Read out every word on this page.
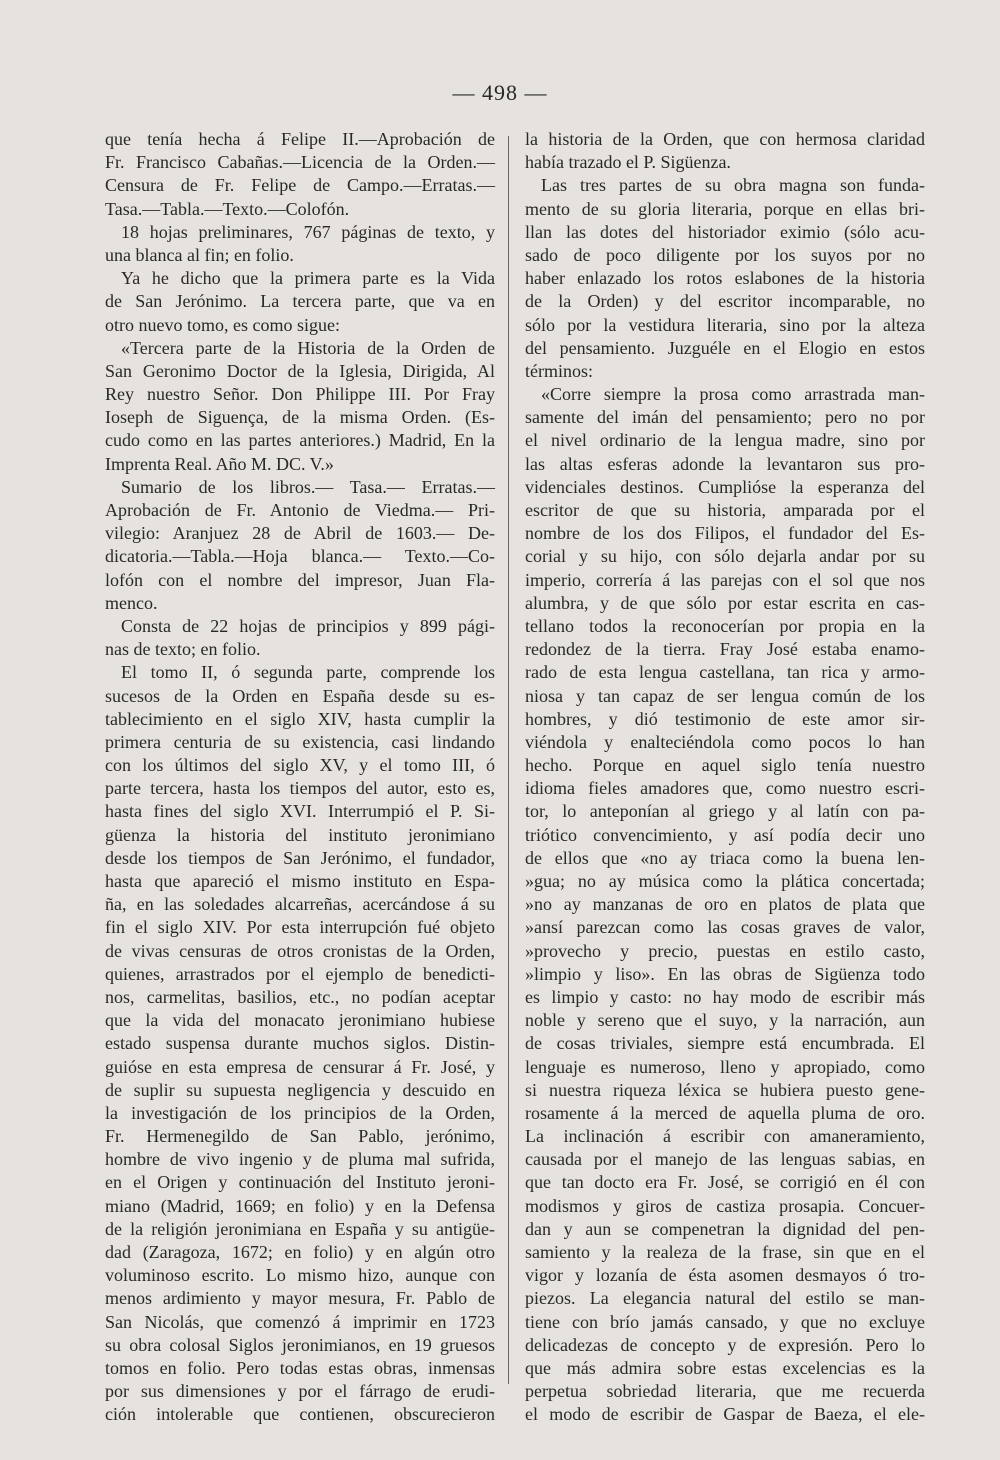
— 498 —
que tenía hecha á Felipe II.—Aprobación de
Fr. Francisco Cabañas.—Licencia de la Orden.—
Censura de Fr. Felipe de Campo.—Erratas.—
Tasa.—Tabla.—Texto.—Colofón.
18 hojas preliminares, 767 páginas de texto, y
una blanca al fin; en folio.
Ya he dicho que la primera parte es la Vida
de San Jerónimo. La tercera parte, que va en
otro nuevo tomo, es como sigue:
«Tercera parte de la Historia de la Orden de
San Geronimo Doctor de la Iglesia, Dirigida, Al
Rey nuestro Señor. Don Philippe III. Por Fray
Ioseph de Siguença, de la misma Orden. (Es-
cudo como en las partes anteriores.) Madrid, En la
Imprenta Real. Año M. DC. V.»
Sumario de los libros.— Tasa.— Erratas.—
Aprobación de Fr. Antonio de Viedma.— Pri-
vilegio: Aranjuez 28 de Abril de 1603.— De-
dicatoria.—Tabla.—Hoja blanca.— Texto.—Co-
lofón con el nombre del impresor, Juan Fla-
menco.
Consta de 22 hojas de principios y 899 pági-
nas de texto; en folio.
El tomo II, ó segunda parte, comprende los
sucesos de la Orden en España desde su es-
tablecimiento en el siglo XIV, hasta cumplir la
primera centuria de su existencia, casi lindando
con los últimos del siglo XV, y el tomo III, ó
parte tercera, hasta los tiempos del autor, esto es,
hasta fines del siglo XVI. Interrumpió el P. Si-
güenza la historia del instituto jeronimiano
desde los tiempos de San Jerónimo, el fundador,
hasta que apareció el mismo instituto en Espa-
ña, en las soledades alcarreñas, acercándose á su
fin el siglo XIV. Por esta interrupción fué objeto
de vivas censuras de otros cronistas de la Orden,
quienes, arrastrados por el ejemplo de benedicti-
nos, carmelitas, basilios, etc., no podían aceptar
que la vida del monacato jeronimiano hubiese
estado suspensa durante muchos siglos. Distin-
guióse en esta empresa de censurar á Fr. José, y
de suplir su supuesta negligencia y descuido en
la investigación de los principios de la Orden,
Fr. Hermenegildo de San Pablo, jerónimo,
hombre de vivo ingenio y de pluma mal sufrida,
en el Origen y continuación del Instituto jeroni-
miano (Madrid, 1669; en folio) y en la Defensa
de la religión jeronimiana en España y su antigüe-
dad (Zaragoza, 1672; en folio) y en algún otro
voluminoso escrito. Lo mismo hizo, aunque con
menos ardimiento y mayor mesura, Fr. Pablo de
San Nicolás, que comenzó á imprimir en 1723
su obra colosal Siglos jeronimianos, en 19 gruesos
tomos en folio. Pero todas estas obras, inmensas
por sus dimensiones y por el fárrago de erudi-
ción intolerable que contienen, obscurecieron
la historia de la Orden, que con hermosa claridad
había trazado el P. Sigüenza.
Las tres partes de su obra magna son funda-
mento de su gloria literaria, porque en ellas bri-
llan las dotes del historiador eximio (sólo acu-
sado de poco diligente por los suyos por no
haber enlazado los rotos eslabones de la historia
de la Orden) y del escritor incomparable, no
sólo por la vestidura literaria, sino por la alteza
del pensamiento. Juzguéle en el Elogio en estos
términos:
«Corre siempre la prosa como arrastrada man-
samente del imán del pensamiento; pero no por
el nivel ordinario de la lengua madre, sino por
las altas esferas adonde la levantaron sus pro-
videnciales destinos. Cumplióse la esperanza del
escritor de que su historia, amparada por el
nombre de los dos Filipos, el fundador del Es-
corial y su hijo, con sólo dejarla andar por su
imperio, correría á las parejas con el sol que nos
alumbra, y de que sólo por estar escrita en cas-
tellano todos la reconocerían por propia en la
redondez de la tierra. Fray José estaba enamo-
rado de esta lengua castellana, tan rica y armo-
niosa y tan capaz de ser lengua común de los
hombres, y dió testimonio de este amor sir-
viéndola y enalteciéndola como pocos lo han
hecho. Porque en aquel siglo tenía nuestro
idioma fieles amadores que, como nuestro escri-
tor, lo anteponían al griego y al latín con pa-
triótico convencimiento, y así podía decir uno
de ellos que «no ay triaca como la buena len-
»gua; no ay música como la plática concertada;
»no ay manzanas de oro en platos de plata que
»ansí parezcan como las cosas graves de valor,
»provecho y precio, puestas en estilo casto,
»limpio y liso». En las obras de Sigüenza todo
es limpio y casto: no hay modo de escribir más
noble y sereno que el suyo, y la narración, aun
de cosas triviales, siempre está encumbrada. El
lenguaje es numeroso, lleno y apropiado, como
si nuestra riqueza léxica se hubiera puesto gene-
rosamente á la merced de aquella pluma de oro.
La inclinación á escribir con amaneramiento,
causada por el manejo de las lenguas sabias, en
que tan docto era Fr. José, se corrigió en él con
modismos y giros de castiza prosapia. Concuer-
dan y aun se compenetran la dignidad del pen-
samiento y la realeza de la frase, sin que en el
vigor y lozanía de ésta asomen desmayos ó tro-
piezos. La elegancia natural del estilo se man-
tiene con brío jamás cansado, y que no excluye
delicadezas de concepto y de expresión. Pero lo
que más admira sobre estas excelencias es la
perpetua sobriedad literaria, que me recuerda
el modo de escribir de Gaspar de Baeza, el ele-
